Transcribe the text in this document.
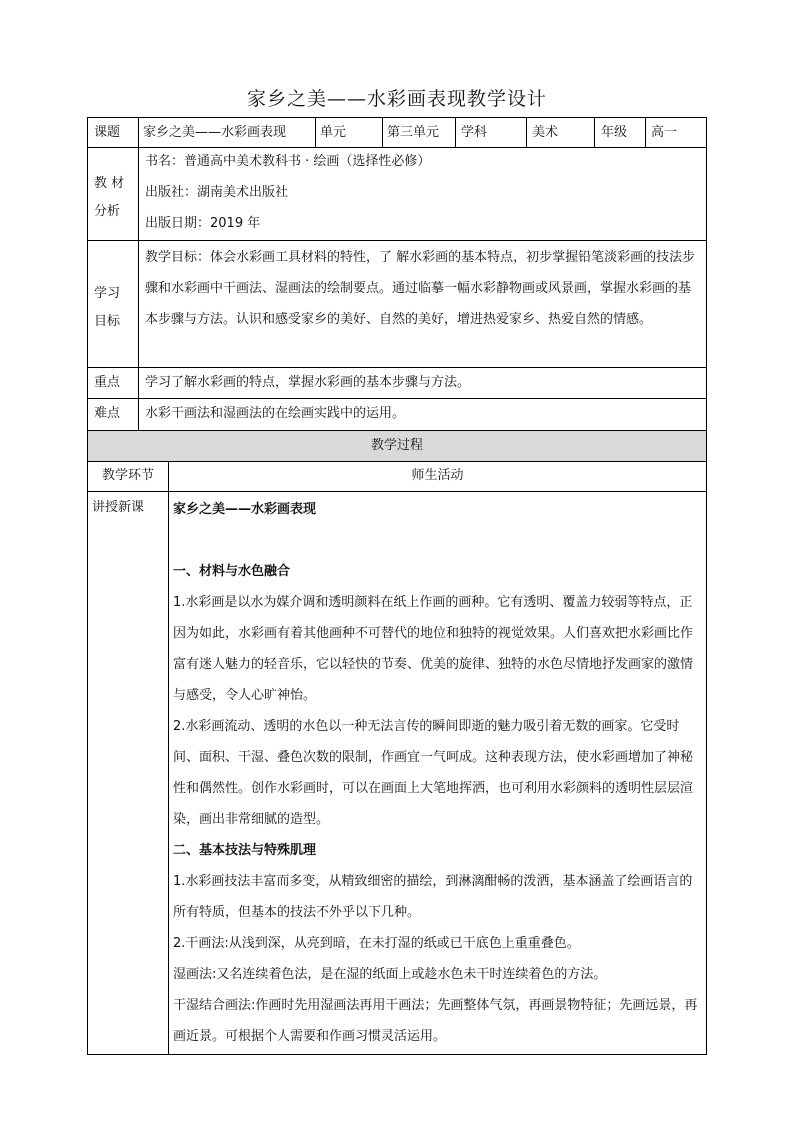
家乡之美——水彩画表现教学设计
课题 家乡之美——水彩画表现	单元	第三单元 学科	美术	年级 高一
教 材
分析
书名：普通高中美术教科书 · 绘画（选择性必修）
出版社：湖南美术出版社
出版日期：2019 年
学习
目标

教学目标：体会水彩画工具材料的特性，了 解水彩画的基本特点，初步掌握铅笔淡彩画的技法步骤和水彩画中干画法、湿画法的绘制要点。通过临摹一幅水彩静物画或风景画，掌握水彩画的基本步骤与方法。认识和感受家乡的美好、自然的美好，增进热爱家乡、热爱自然的情感。

重点 学习了解水彩画的特点，掌握水彩画的基本步骤与方法。
难点 水彩干画法和湿画法的在绘画实践中的运用。
教学过程
教学环节	师生活动
讲授新课 家乡之美——水彩画表现

一、材料与水色融合

1.水彩画是以水为媒介调和透明颜料在纸上作画的画种。它有透明、覆盖力较弱等特点，正因为如此，水彩画有着其他画种不可替代的地位和独特的视觉效果。人们喜欢把水彩画比作富有迷人魅力的轻音乐，它以轻快的节奏、优美的旋律、独特的水色尽情地抒发画家的激情与感受，令人心旷神怡。

2.水彩画流动、透明的水色以一种无法言传的瞬间即逝的魅力吸引着无数的画家。它受时间、面积、干湿、叠色次数的限制，作画宜一气呵成。这种表现方法，使水彩画增加了神秘性和偶然性。创作水彩画时，可以在画面上大笔地挥洒，也可利用水彩颜料的透明性层层渲染，画出非常细腻的造型。

二、基本技法与特殊肌理

1.水彩画技法丰富而多变，从精致细密的描绘，到淋漓酣畅的泼洒，基本涵盖了绘画语言的所有特质，但基本的技法不外乎以下几种。

2.干画法:从浅到深，从亮到暗，在未打湿的纸或已干底色上重重叠色。

湿画法:又名连续着色法，是在湿的纸面上或趁水色未干时连续着色的方法。

干湿结合画法:作画时先用湿画法再用干画法；先画整体气氛，再画景物特征；先画远景，再画近景。可根据个人需要和作画习惯灵活运用。
